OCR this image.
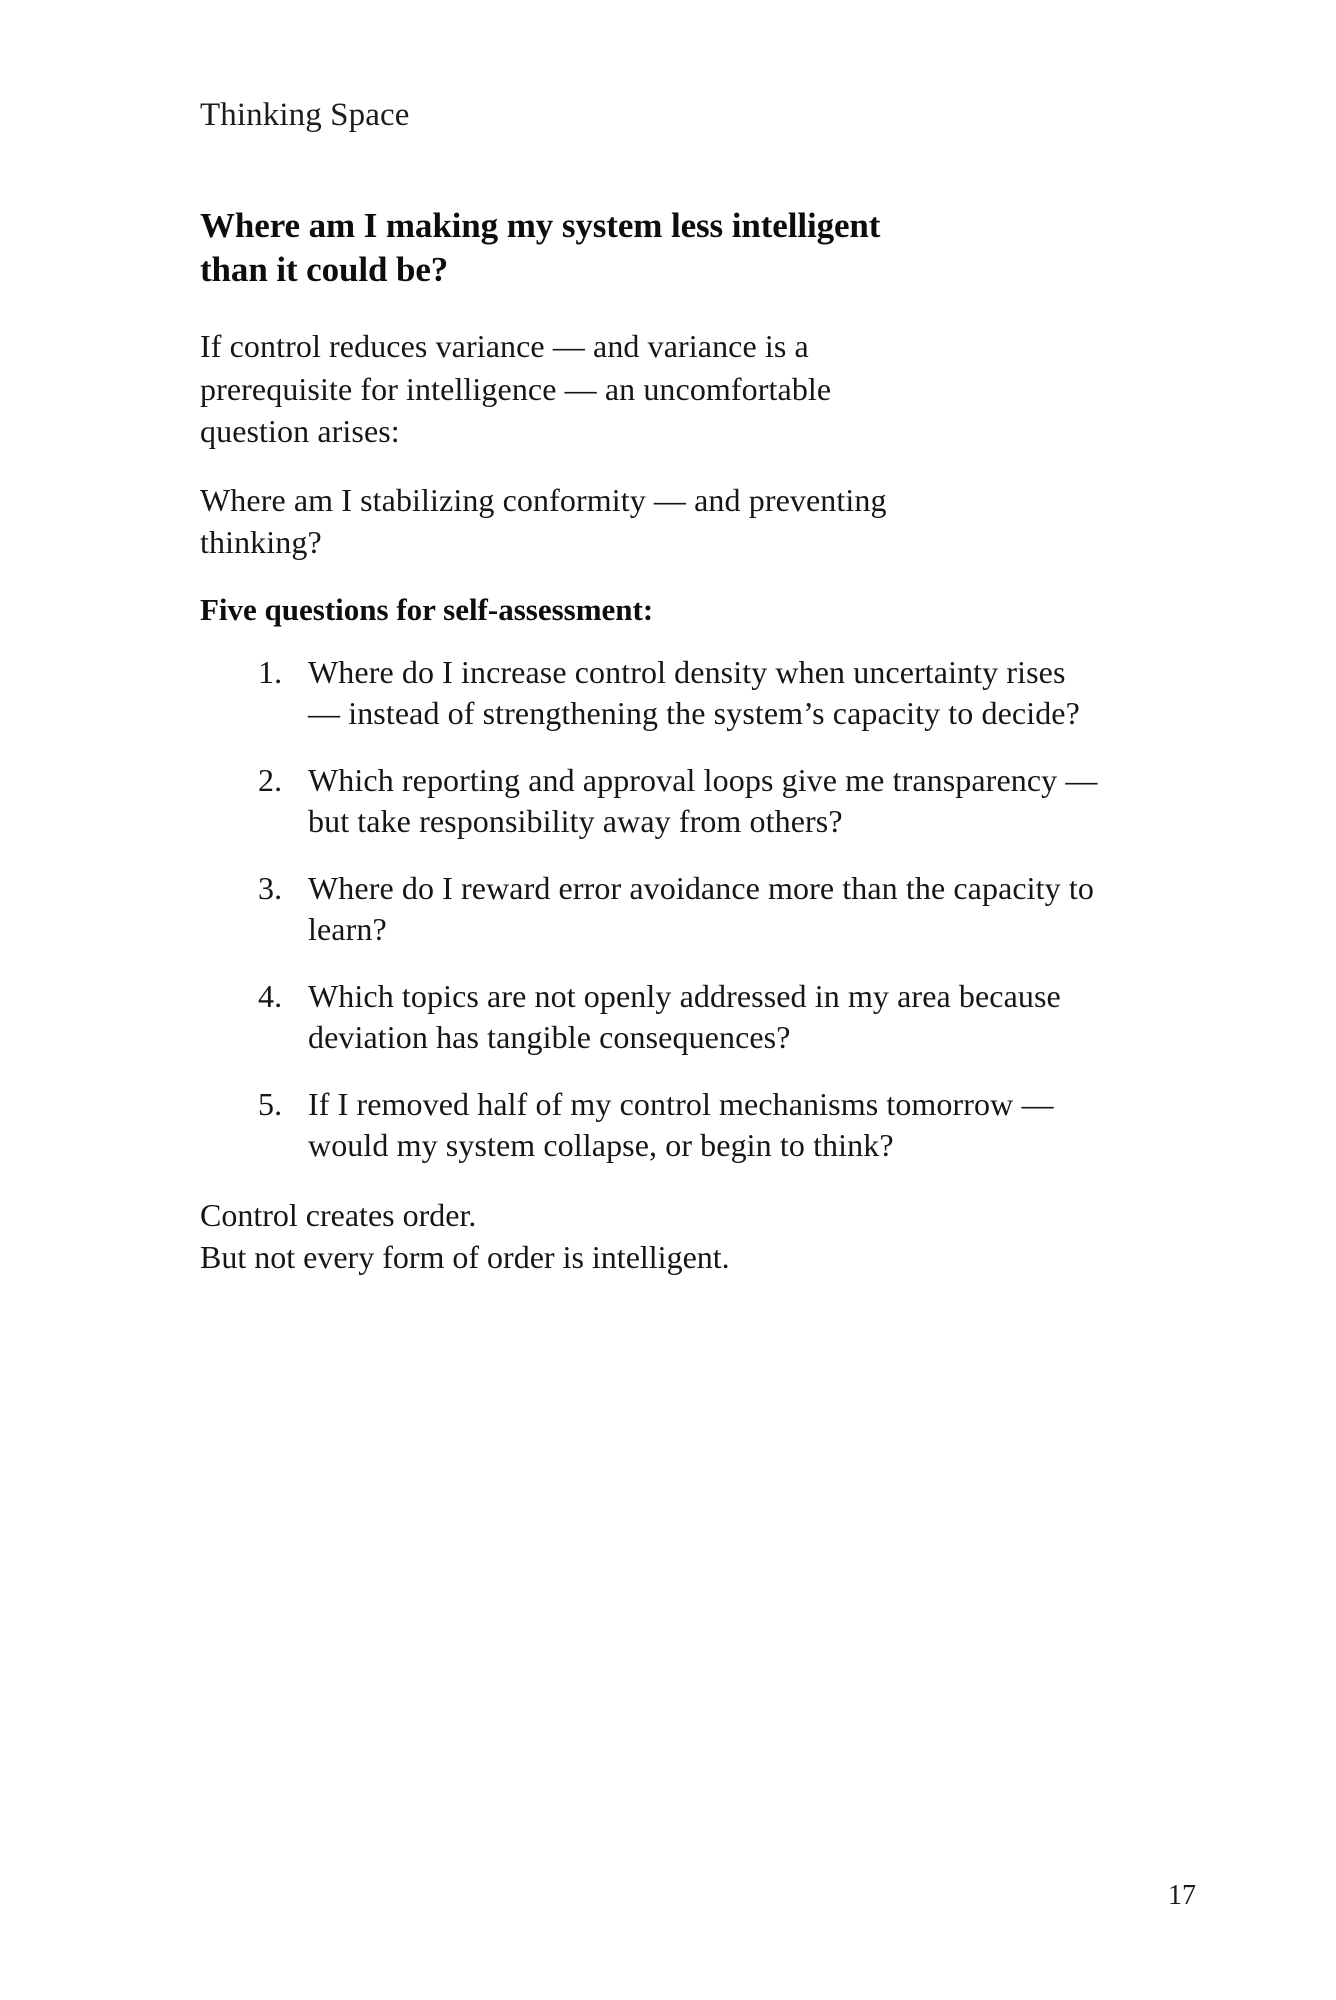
Thinking Space
Where am I making my system less intelligent than it could be?

If control reduces variance — and variance is a prerequisite for intelligence — an uncomfortable question arises:

Where am I stabilizing conformity — and preventing thinking?

Five questions for self-assessment:

1. Where do I increase control density when uncertainty rises — instead of strengthening the system’s capacity to decide?
2. Which reporting and approval loops give me transparency — but take responsibility away from others?
3. Where do I reward error avoidance more than the capacity to learn?
4. Which topics are not openly addressed in my area because deviation has tangible consequences?
5. If I removed half of my control mechanisms tomorrow — would my system collapse, or begin to think?
Control creates order.
But not every form of order is intelligent.
17
